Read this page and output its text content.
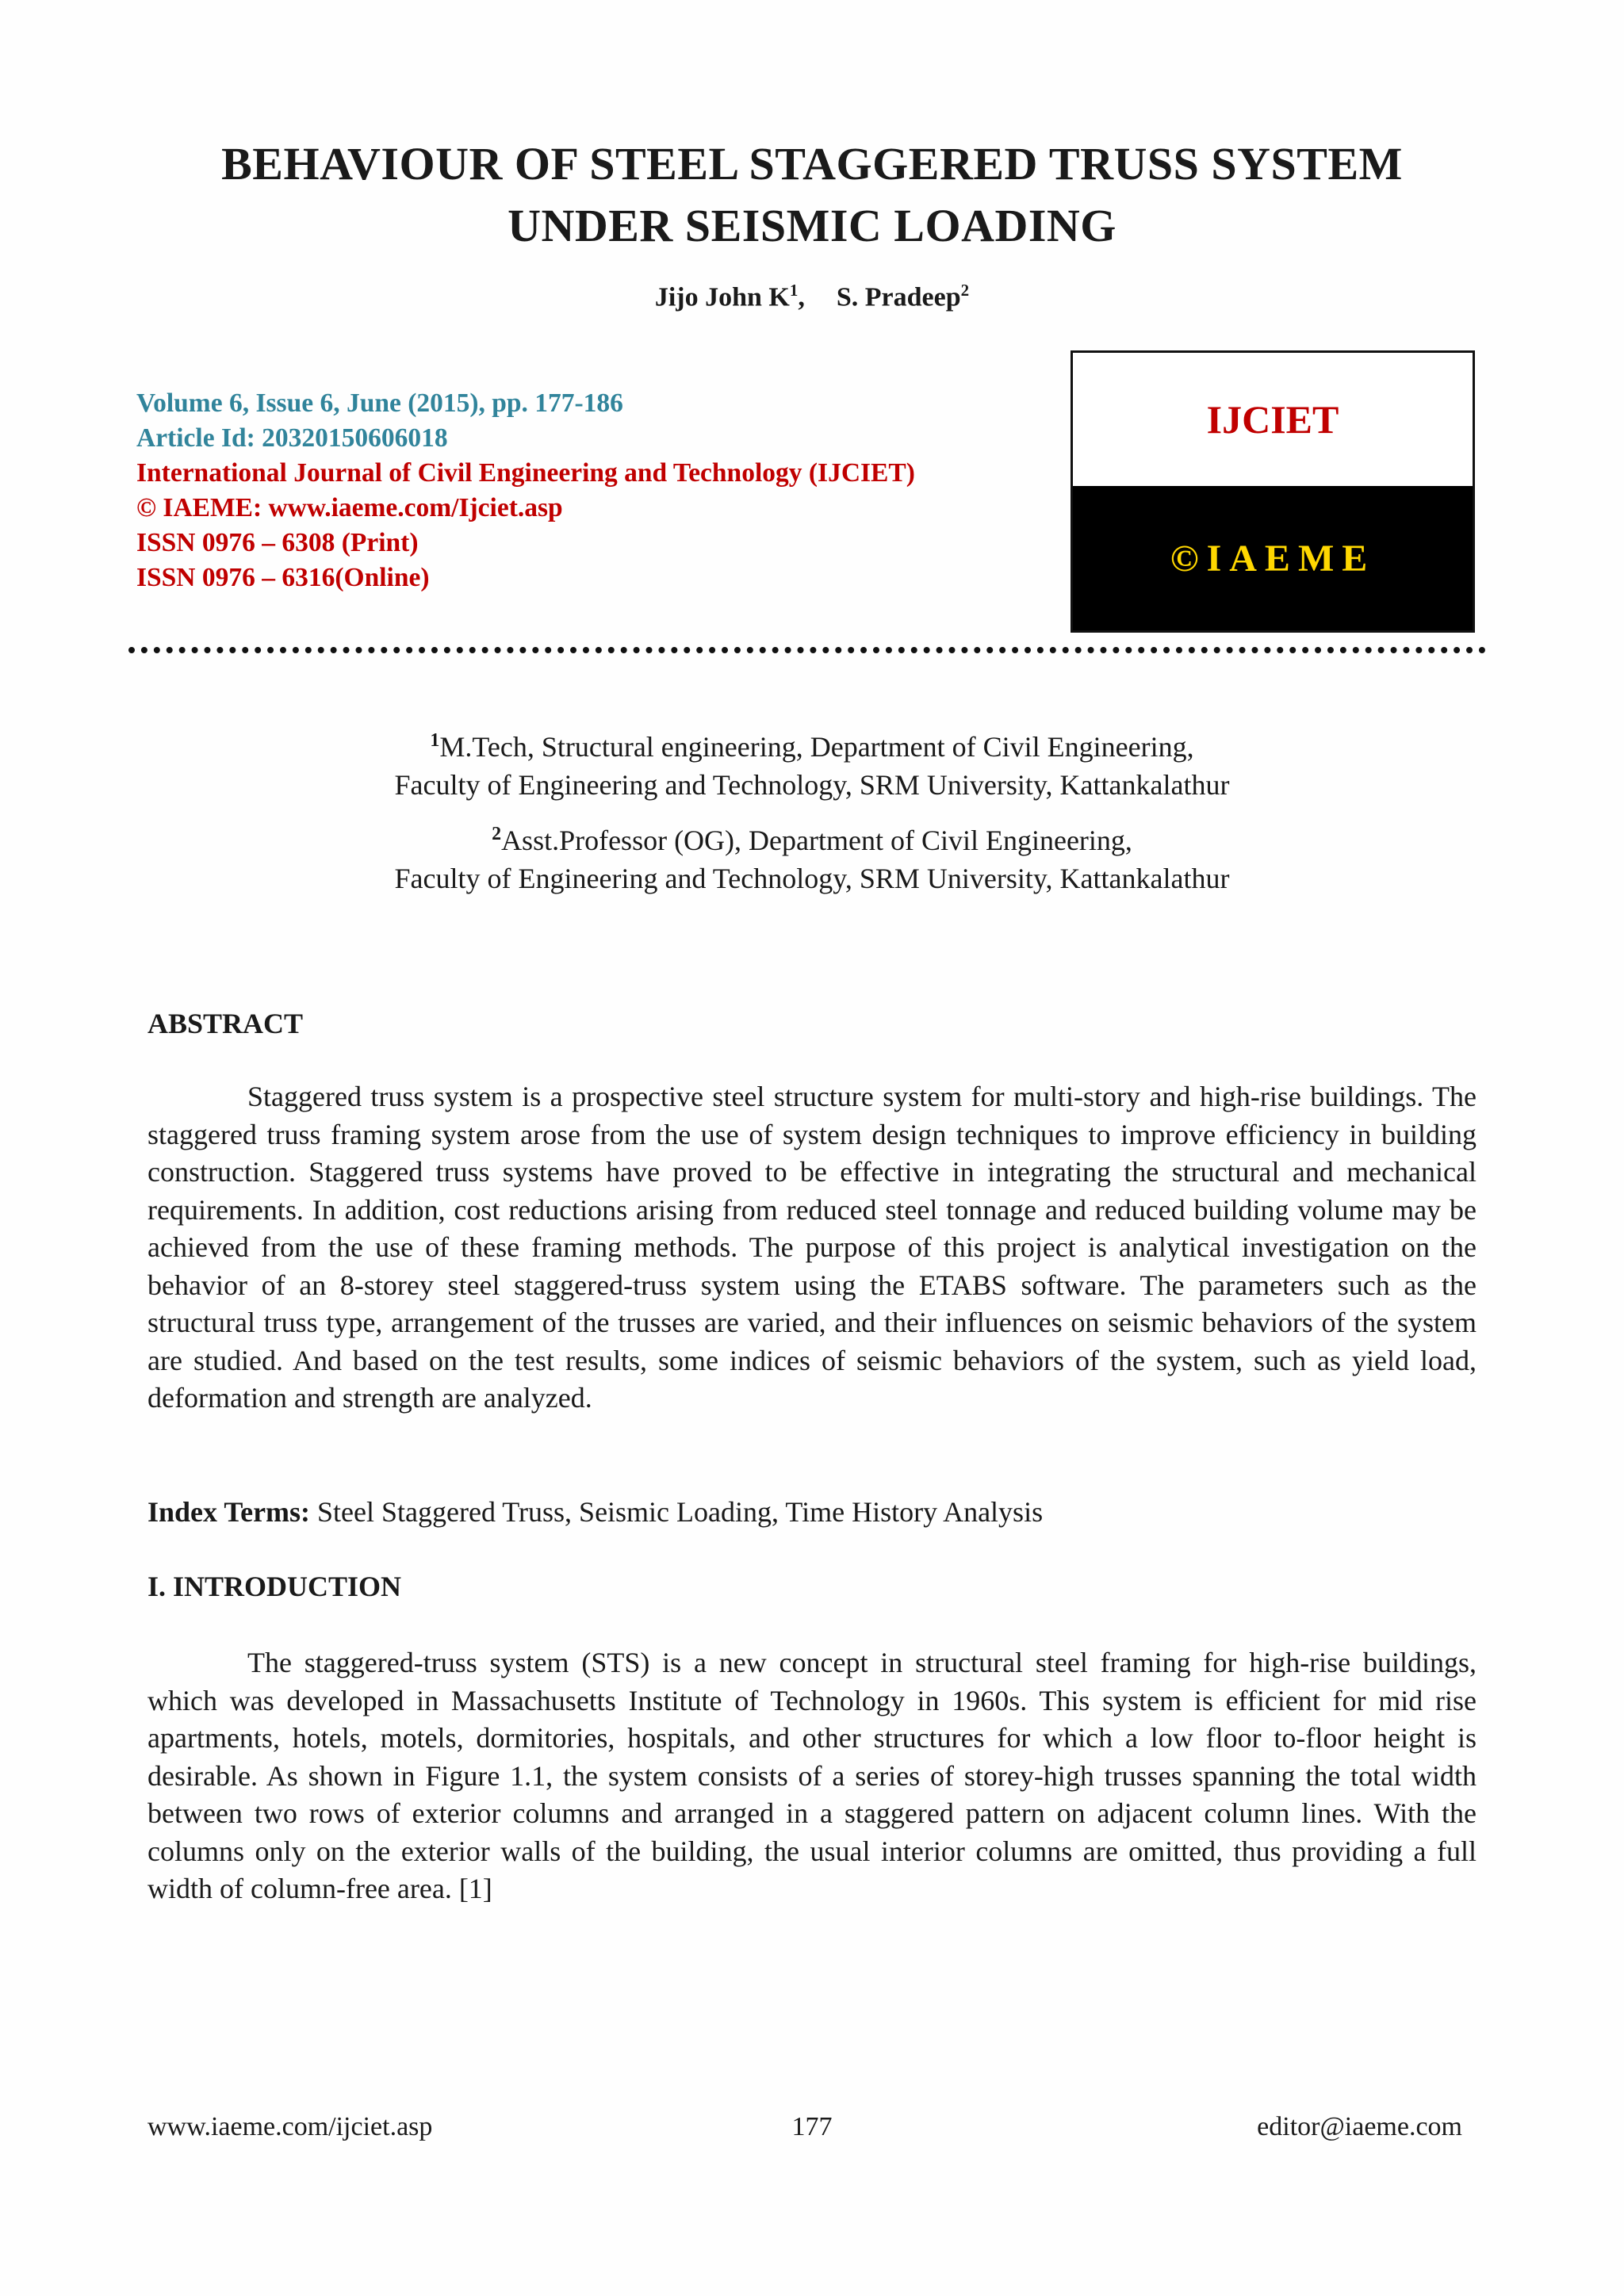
BEHAVIOUR OF STEEL STAGGERED TRUSS SYSTEM
UNDER SEISMIC LOADING
Jijo John $K^1$, S. Pradeep$^2$
Volume 6, Issue 6, June (2015), pp. 177-186
Article Id: 20320150606018
International Journal of Civil Engineering and Technology (IJCIET)
© IAEME: www.iaeme.com/Ijciet.asp
ISSN 0976 – 6308 (Print)
ISSN 0976 – 6316(Online)
IJCIET
©IAEME
$^1$M.Tech, Structural engineering, Department of Civil Engineering,
Faculty of Engineering and Technology, SRM University, Kattankalathur
$^2$Asst.Professor (OG), Department of Civil Engineering,
Faculty of Engineering and Technology, SRM University, Kattankalathur
ABSTRACT

Staggered truss system is a prospective steel structure system for multi-story and high-rise buildings. The staggered truss framing system arose from the use of system design techniques to improve efficiency in building construction. Staggered truss systems have proved to be effective in integrating the structural and mechanical requirements. In addition, cost reductions arising from reduced steel tonnage and reduced building volume may be achieved from the use of these framing methods. The purpose of this project is analytical investigation on the behavior of an 8-storey steel staggered-truss system using the ETABS software. The parameters such as the structural truss type, arrangement of the trusses are varied, and their influences on seismic behaviors of the system are studied. And based on the test results, some indices of seismic behaviors of the system, such as yield load, deformation and strength are analyzed.

Index Terms: Steel Staggered Truss, Seismic Loading, Time History Analysis
I. INTRODUCTION

The staggered-truss system (STS) is a new concept in structural steel framing for high-rise buildings, which was developed in Massachusetts Institute of Technology in 1960s. This system is efficient for mid rise apartments, hotels, motels, dormitories, hospitals, and other structures for which a low floor to-floor height is desirable. As shown in Figure 1.1, the system consists of a series of storey-high trusses spanning the total width between two rows of exterior columns and arranged in a staggered pattern on adjacent column lines. With the columns only on the exterior walls of the building, the usual interior columns are omitted, thus providing a full width of column-free area. [1]

www.iaeme.com/ijciet.asp	177	editor@iaeme.com
